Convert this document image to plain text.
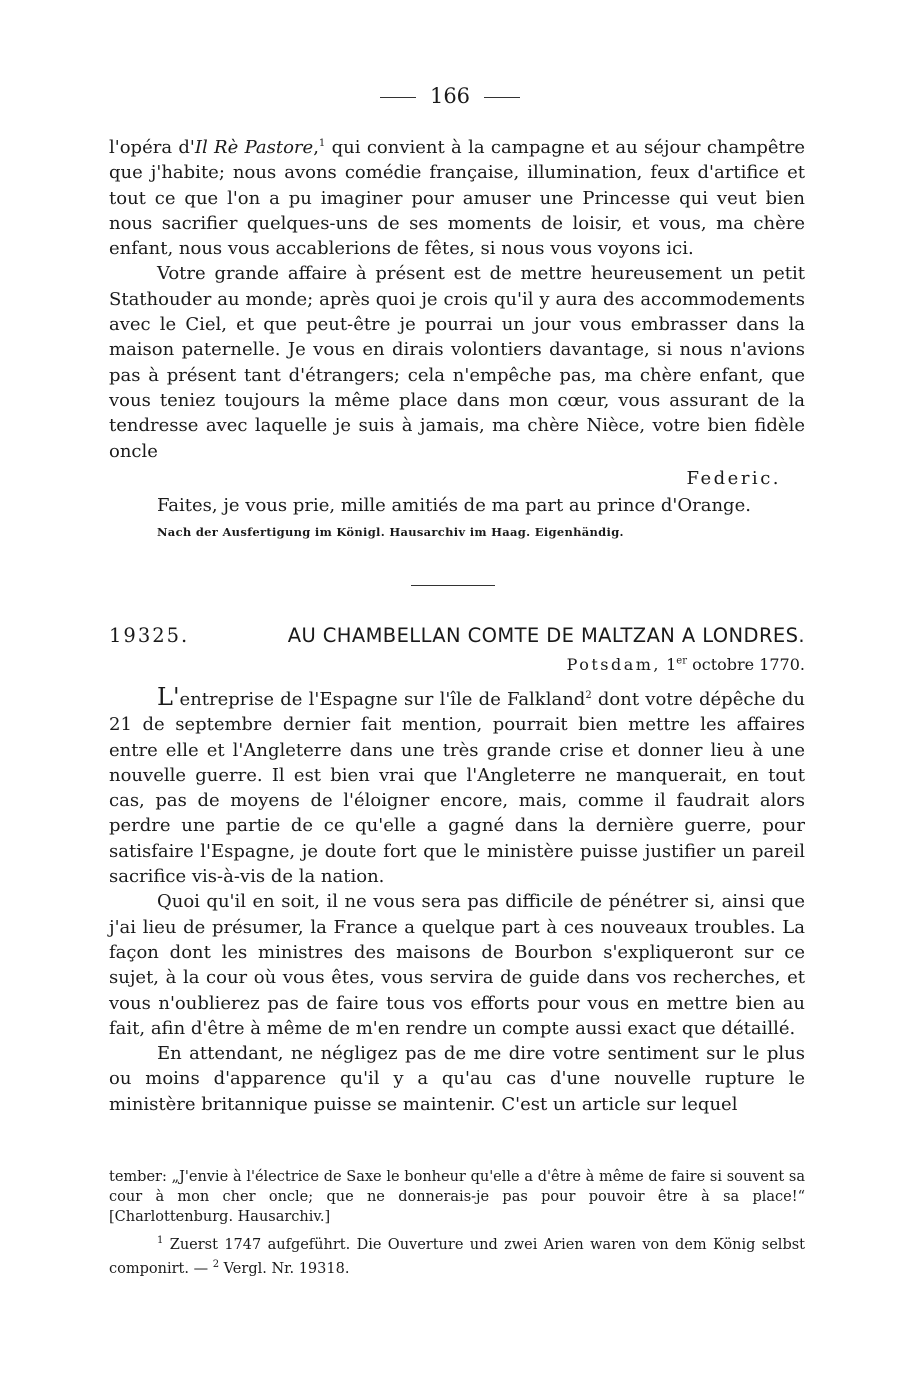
166

l'opéra d'Il Rè Pastore,$^1$ qui convient à la campagne et au séjour champêtre que j'habite; nous avons comédie française, illumination, feux d'artifice et tout ce que l'on a pu imaginer pour amuser une Princesse qui veut bien nous sacrifier quelques-uns de ses moments de loisir, et vous, ma chère enfant, nous vous accablerions de fêtes, si nous vous voyons ici.

Votre grande affaire à présent est de mettre heureusement un petit Stathouder au monde; après quoi je crois qu'il y aura des accommodements avec le Ciel, et que peut-être je pourrai un jour vous embrasser dans la maison paternelle. Je vous en dirais volontiers davantage, si nous n'avions pas à présent tant d'étrangers; cela n'empêche pas, ma chère enfant, que vous teniez toujours la même place dans mon cœur, vous assurant de la tendresse avec laquelle je suis à jamais, ma chère Nièce, votre bien fidèle oncle

Federic.

Faites, je vous prie, mille amitiés de ma part au prince d'Orange.

Nach der Ausfertigung im Königl. Hausarchiv im Haag. Eigenhändig.

19325.	AU CHAMBELLAN COMTE DE MALTZAN A LONDRES.
Potsdam, 1er octobre 1770.

L'entreprise de l'Espagne sur l'île de Falkland$^2$ dont votre dépêche du 21 de septembre dernier fait mention, pourrait bien mettre les affaires entre elle et l'Angleterre dans une très grande crise et donner lieu à une nouvelle guerre. Il est bien vrai que l'Angleterre ne manquerait, en tout cas, pas de moyens de l'éloigner encore, mais, comme il faudrait alors perdre une partie de ce qu'elle a gagné dans la dernière guerre, pour satisfaire l'Espagne, je doute fort que le ministère puisse justifier un pareil sacrifice vis-à-vis de la nation.

Quoi qu'il en soit, il ne vous sera pas difficile de pénétrer si, ainsi que j'ai lieu de présumer, la France a quelque part à ces nouveaux troubles. La façon dont les ministres des maisons de Bourbon s'expliqueront sur ce sujet, à la cour où vous êtes, vous servira de guide dans vos recherches, et vous n'oublierez pas de faire tous vos efforts pour vous en mettre bien au fait, afin d'être à même de m'en rendre un compte aussi exact que détaillé.

En attendant, ne négligez pas de me dire votre sentiment sur le plus ou moins d'apparence qu'il y a qu'au cas d'une nouvelle rupture le ministère britannique puisse se maintenir. C'est un article sur lequel

tember: „J'envie à l'électrice de Saxe le bonheur qu'elle a d'être à même de faire si souvent sa cour à mon cher oncle; que ne donnerais-je pas pour pouvoir être à sa place!“ [Charlottenburg. Hausarchiv.]

$^1$ Zuerst 1747 aufgeführt. Die Ouverture und zwei Arien waren von dem König selbst componirt. — $^2$ Vergl. Nr. 19318.
